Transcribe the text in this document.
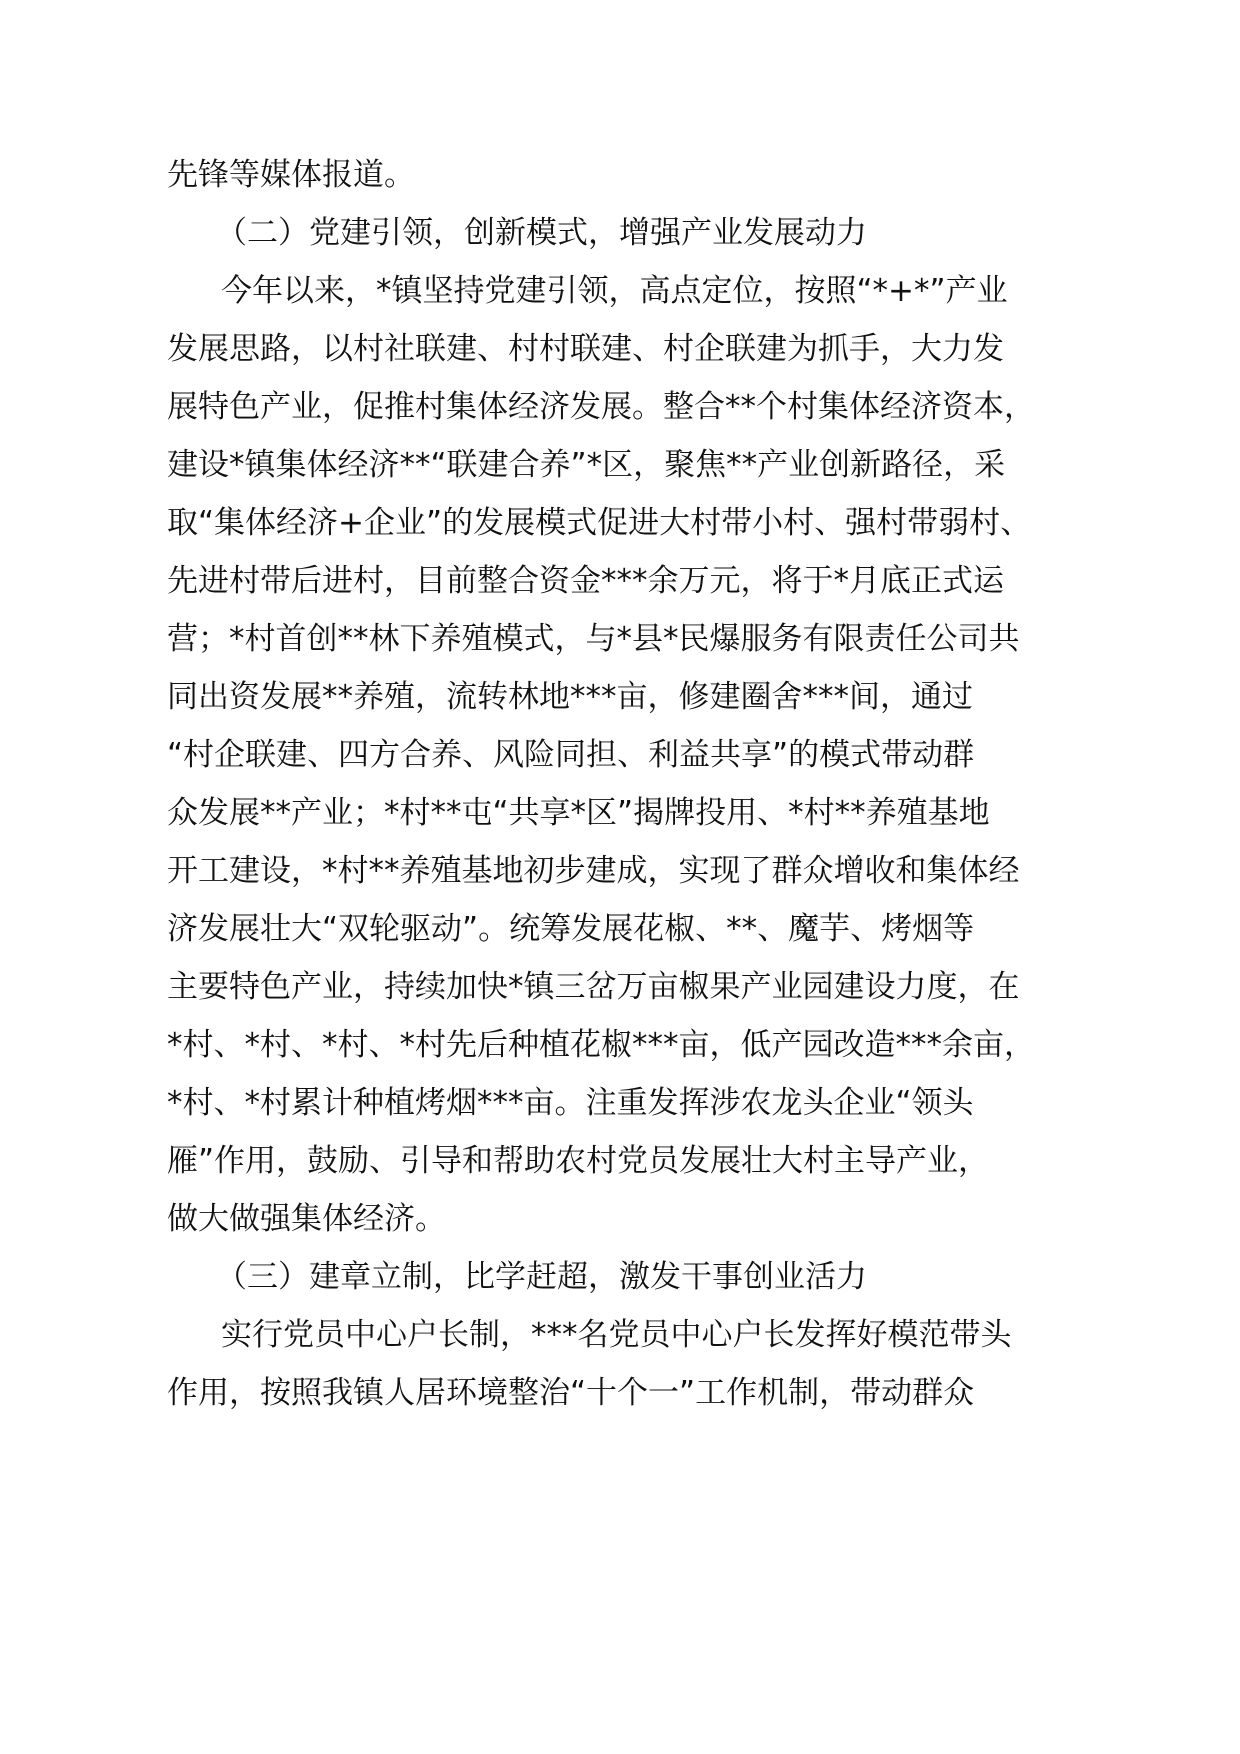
先锋等媒体报道。
（二）党建引领，创新模式，增强产业发展动力
今年以来，*镇坚持党建引领，高点定位，按照“*+*”产业
发展思路，以村社联建、村村联建、村企联建为抓手，大力发
展特色产业，促推村集体经济发展。整合**个村集体经济资本，
建设*镇集体经济**“联建合养”*区，聚焦**产业创新路径，采
取“集体经济+企业”的发展模式促进大村带小村、强村带弱村、
先进村带后进村，目前整合资金***余万元，将于*月底正式运
营；*村首创**林下养殖模式，与*县*民爆服务有限责任公司共
同出资发展**养殖，流转林地***亩，修建圈舍***间，通过
“村企联建、四方合养、风险同担、利益共享”的模式带动群
众发展**产业；*村**屯“共享*区”揭牌投用、*村**养殖基地
开工建设，*村**养殖基地初步建成，实现了群众增收和集体经
济发展壮大“双轮驱动”。统筹发展花椒、**、魔芋、烤烟等
主要特色产业，持续加快*镇三岔万亩椒果产业园建设力度，在
*村、*村、*村、*村先后种植花椒***亩，低产园改造***余亩，
*村、*村累计种植烤烟***亩。注重发挥涉农龙头企业“领头
雁”作用，鼓励、引导和帮助农村党员发展壮大村主导产业，
做大做强集体经济。
（三）建章立制，比学赶超，激发干事创业活力
实行党员中心户长制，***名党员中心户长发挥好模范带头
作用，按照我镇人居环境整治“十个一”工作机制，带动群众
